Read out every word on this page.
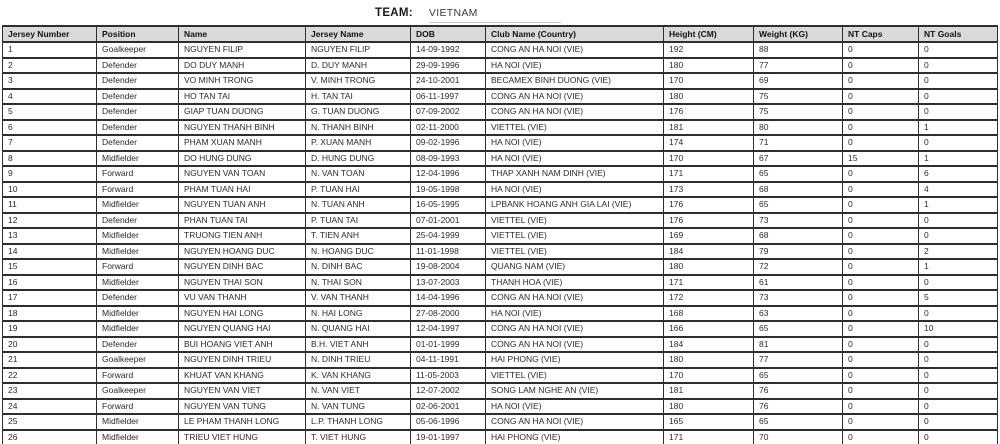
TEAM: VIETNAM
Jersey Number	Position	Name	Jersey Name	DOB	Club Name (Country)	Height (CM)	Weight (KG)	NT Caps	NT Goals
1	Goalkeeper	NGUYEN FILIP	NGUYEN FILIP	14-09-1992	CONG AN HA NOI (VIE)	192	88	0	0
2	Defender	DO DUY MANH	D. DUY MANH	29-09-1996	HA NOI (VIE)	180	77	0	0
3	Defender	VO MINH TRONG	V. MINH TRONG	24-10-2001	BECAMEX BINH DUONG (VIE)	170	69	0	0
4	Defender	HO TAN TAI	H. TAN TAI	06-11-1997	CONG AN HA NOI (VIE)	180	75	0	0
5	Defender	GIAP TUAN DUONG	G. TUAN DUONG	07-09-2002	CONG AN HA NOI (VIE)	176	75	0	0
6	Defender	NGUYEN THANH BINH	N. THANH BINH	02-11-2000	VIETTEL (VIE)	181	80	0	1
7	Defender	PHAM XUAN MANH	P. XUAN MANH	09-02-1996	HA NOI (VIE)	174	71	0	0
8	Midfielder	DO HUNG DUNG	D. HUNG DUNG	08-09-1993	HA NOI (VIE)	170	67	15	1
9	Forward	NGUYEN VAN TOAN	N. VAN TOAN	12-04-1996	THAP XANH NAM DINH (VIE)	171	65	0	6
10	Forward	PHAM TUAN HAI	P. TUAN HAI	19-05-1998	HA NOI (VIE)	173	68	0	4
11	Midfielder	NGUYEN TUAN ANH	N. TUAN ANH	16-05-1995	LPBANK HOANG ANH GIA LAI (VIE)	176	65	0	1
12	Defender	PHAN TUAN TAI	P. TUAN TAI	07-01-2001	VIETTEL (VIE)	176	73	0	0
13	Midfielder	TRUONG TIEN ANH	T. TIEN ANH	25-04-1999	VIETTEL (VIE)	169	68	0	0
14	Midfielder	NGUYEN HOANG DUC	N. HOANG DUC	11-01-1998	VIETTEL (VIE)	184	79	0	2
15	Forward	NGUYEN DINH BAC	N. DINH BAC	19-08-2004	QUANG NAM (VIE)	180	72	0	1
16	Midfielder	NGUYEN THAI SON	N. THAI SON	13-07-2003	THANH HOA (VIE)	171	61	0	0
17	Defender	VU VAN THANH	V. VAN THANH	14-04-1996	CONG AN HA NOI (VIE)	172	73	0	5
18	Midfielder	NGUYEN HAI LONG	N. HAI LONG	27-08-2000	HA NOI (VIE)	168	63	0	0
19	Midfielder	NGUYEN QUANG HAI	N. QUANG HAI	12-04-1997	CONG AN HA NOI (VIE)	166	65	0	10
20	Defender	BUI HOANG VIET ANH	B.H. VIET ANH	01-01-1999	CONG AN HA NOI (VIE)	184	81	0	0
21	Goalkeeper	NGUYEN DINH TRIEU	N. DINH TRIEU	04-11-1991	HAI PHONG (VIE)	180	77	0	0
22	Forward	KHUAT VAN KHANG	K. VAN KHANG	11-05-2003	VIETTEL (VIE)	170	65	0	0
23	Goalkeeper	NGUYEN VAN VIET	N. VAN VIET	12-07-2002	SONG LAM NGHE AN (VIE)	181	76	0	0
24	Forward	NGUYEN VAN TUNG	N. VAN TUNG	02-06-2001	HA NOI (VIE)	180	76	0	0
25	Midfielder	LE PHAM THANH LONG	L.P. THANH LONG	05-06-1996	CONG AN HA NOI (VIE)	165	65	0	0
26	Midfielder	TRIEU VIET HUNG	T. VIET HUNG	19-01-1997	HAI PHONG (VIE)	171	70	0	0
